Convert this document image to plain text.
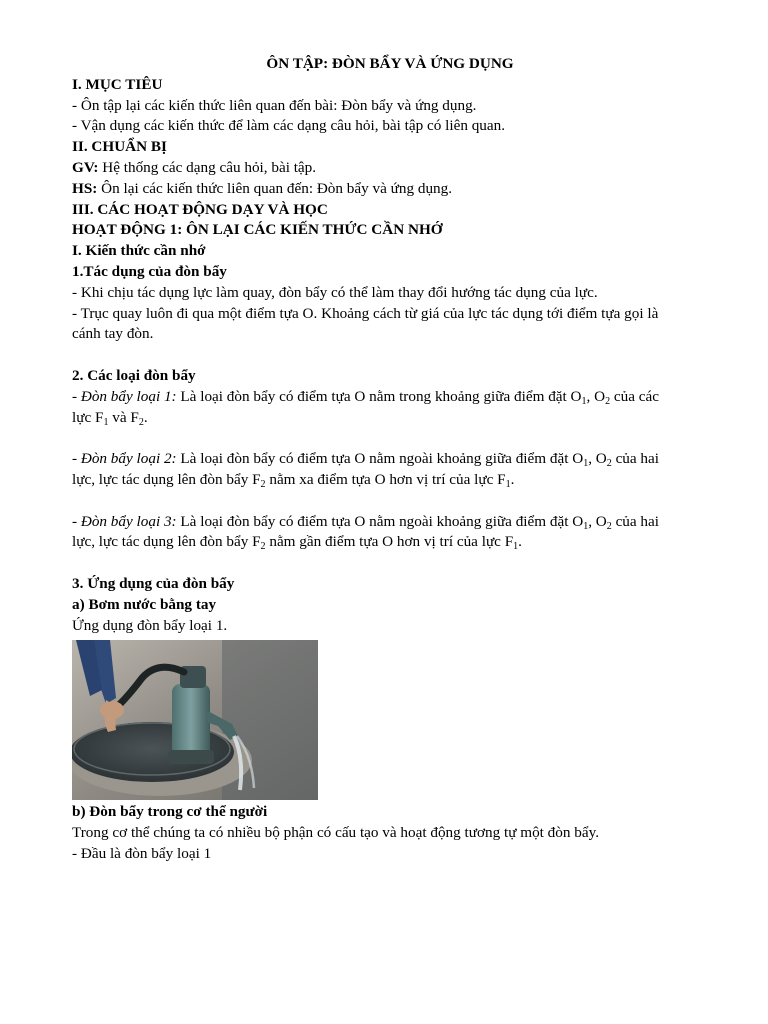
ÔN TẬP: ĐÒN BẨY VÀ ỨNG DỤNG

I. MỤC TIÊU

- Ôn tập lại các kiến thức liên quan đến bài: Đòn bẩy và ứng dụng.

- Vận dụng các kiến thức để làm các dạng câu hỏi, bài tập có liên quan.

II. CHUẨN BỊ

GV: Hệ thống các dạng câu hỏi, bài tập.

HS: Ôn lại các kiến thức liên quan đến: Đòn bẩy và ứng dụng.

III. CÁC HOẠT ĐỘNG DẠY VÀ HỌC

HOẠT ĐỘNG 1: ÔN LẠI CÁC KIẾN THỨC CẦN NHỚ

I. Kiến thức cần nhớ

1.Tác dụng của đòn bẩy

- Khi chịu tác dụng lực làm quay, đòn bẩy có thể làm thay đổi hướng tác dụng của lực.

- Trục quay luôn đi qua một điểm tựa O. Khoảng cách từ giá của lực tác dụng tới điểm tựa gọi là
cánh tay đòn.

2. Các loại đòn bẩy

- Đòn bẩy loại 1: Là loại đòn bẩy có điểm tựa O nằm trong khoảng giữa điểm đặt $O_1$, $O_2$ của các
lực $F_1$ và $F_2$.

- Đòn bẩy loại 2: Là loại đòn bẩy có điểm tựa O nằm ngoài khoảng giữa điểm đặt $O_1$, $O_2$ của hai
lực, lực tác dụng lên đòn bẩy $F_2$ nằm xa điểm tựa O hơn vị trí của lực $F_1$.

- Đòn bẩy loại 3: Là loại đòn bẩy có điểm tựa O nằm ngoài khoảng giữa điểm đặt $O_1$, $O_2$ của hai
lực, lực tác dụng lên đòn bẩy $F_2$ nằm gần điểm tựa O hơn vị trí của lực $F_1$.

3. Ứng dụng của đòn bẩy

a) Bơm nước bằng tay

Ứng dụng đòn bẩy loại 1.

b) Đòn bẩy trong cơ thể người

Trong cơ thể chúng ta có nhiều bộ phận có cấu tạo và hoạt động tương tự một đòn bẩy.

- Đầu là đòn bẩy loại 1
